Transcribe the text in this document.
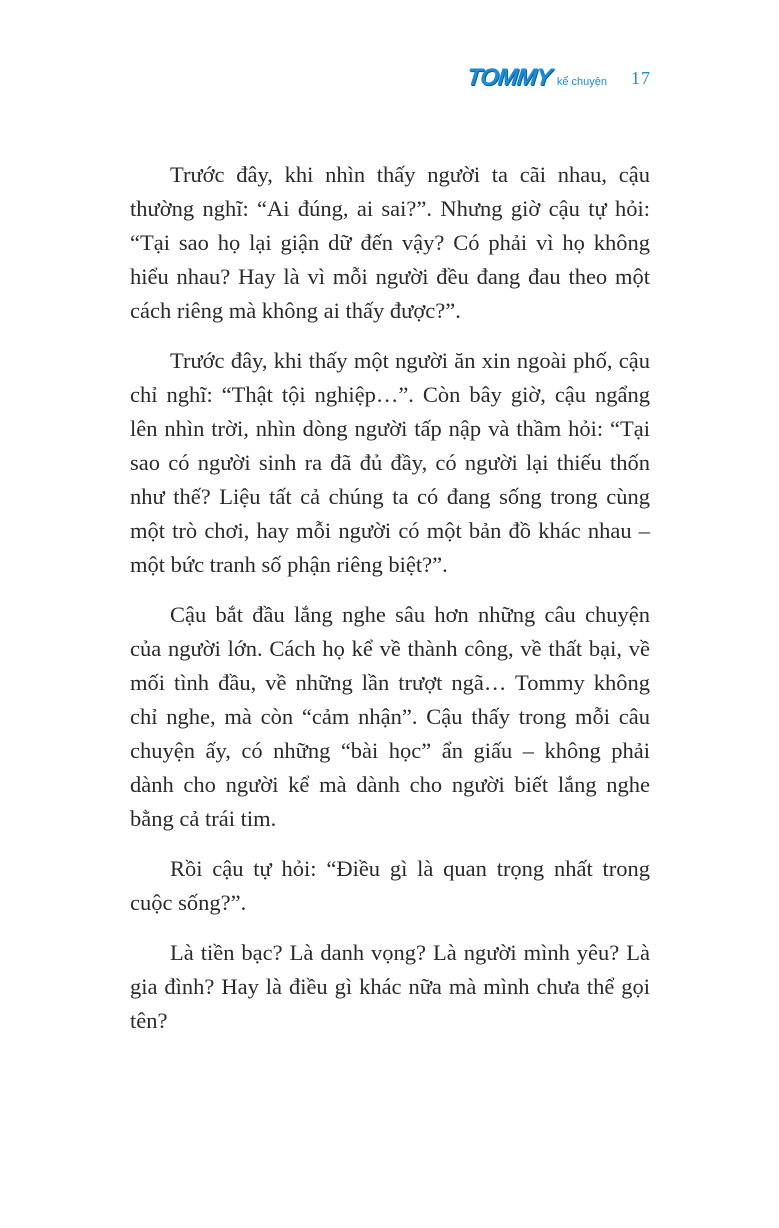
TOMMY kể chuyện 17

Trước đây, khi nhìn thấy người ta cãi nhau, cậu thường nghĩ: “Ai đúng, ai sai?”. Nhưng giờ cậu tự hỏi: “Tại sao họ lại giận dữ đến vậy? Có phải vì họ không hiểu nhau? Hay là vì mỗi người đều đang đau theo một cách riêng mà không ai thấy được?”.

Trước đây, khi thấy một người ăn xin ngoài phố, cậu chỉ nghĩ: “Thật tội nghiệp…”. Còn bây giờ, cậu ngẩng lên nhìn trời, nhìn dòng người tấp nập và thầm hỏi: “Tại sao có người sinh ra đã đủ đầy, có người lại thiếu thốn như thế? Liệu tất cả chúng ta có đang sống trong cùng một trò chơi, hay mỗi người có một bản đồ khác nhau – một bức tranh số phận riêng biệt?”.

Cậu bắt đầu lắng nghe sâu hơn những câu chuyện của người lớn. Cách họ kể về thành công, về thất bại, về mối tình đầu, về những lần trượt ngã… Tommy không chỉ nghe, mà còn “cảm nhận”. Cậu thấy trong mỗi câu chuyện ấy, có những “bài học” ẩn giấu – không phải dành cho người kể mà dành cho người biết lắng nghe bằng cả trái tim.

Rồi cậu tự hỏi: “Điều gì là quan trọng nhất trong cuộc sống?”.

Là tiền bạc? Là danh vọng? Là người mình yêu? Là gia đình? Hay là điều gì khác nữa mà mình chưa thể gọi tên?
